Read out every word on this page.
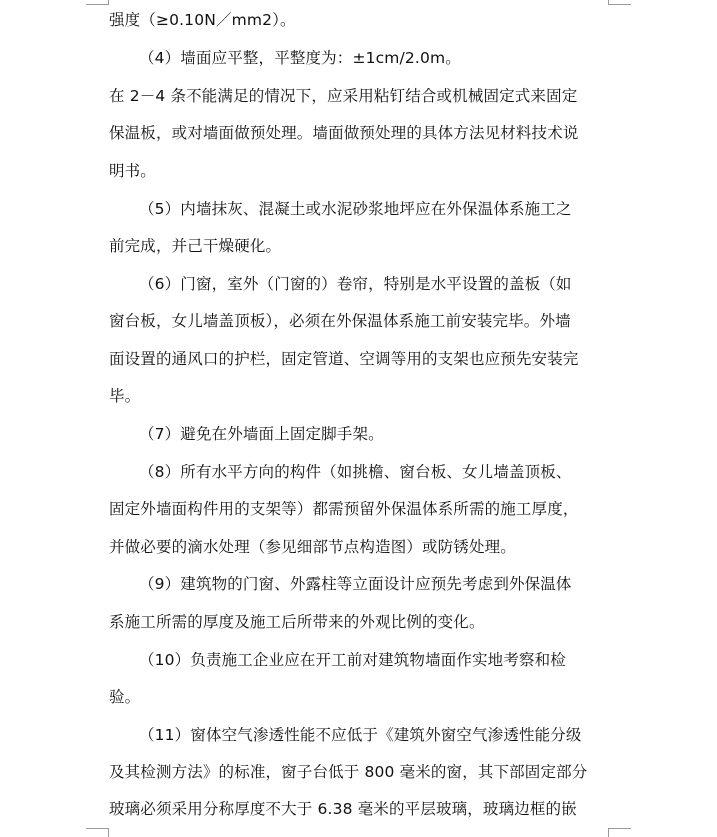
强度（≥0.10N／mm2）。
（4）墙面应平整，平整度为：±1cm/2.0m。
在 2－4 条不能满足的情况下，应采用粘钉结合或机械固定式来固定
保温板，或对墙面做预处理。墙面做预处理的具体方法见材料技术说
明书。
（5）内墙抹灰、混凝土或水泥砂浆地坪应在外保温体系施工之
前完成，并己干燥硬化。
（6）门窗，室外（门窗的）卷帘，特别是水平设置的盖板（如
窗台板，女儿墙盖顶板），必须在外保温体系施工前安装完毕。外墙
面设置的通风口的护栏，固定管道、空调等用的支架也应预先安装完
毕。
（7）避免在外墙面上固定脚手架。
（8）所有水平方向的构件（如挑檐、窗台板、女儿墙盖顶板、
固定外墙面构件用的支架等）都需预留外保温体系所需的施工厚度，
并做必要的滴水处理（参见细部节点构造图）或防锈处理。
（9）建筑物的门窗、外露柱等立面设计应预先考虑到外保温体
系施工所需的厚度及施工后所带来的外观比例的变化。
（10）负责施工企业应在开工前对建筑物墙面作实地考察和检
验。
（11）窗体空气渗透性能不应低于《建筑外窗空气渗透性能分级
及其检测方法》的标准，窗子台低于 800 毫米的窗，其下部固定部分
玻璃必须采用分称厚度不大于 6.38 毫米的平层玻璃，玻璃边框的嵌
